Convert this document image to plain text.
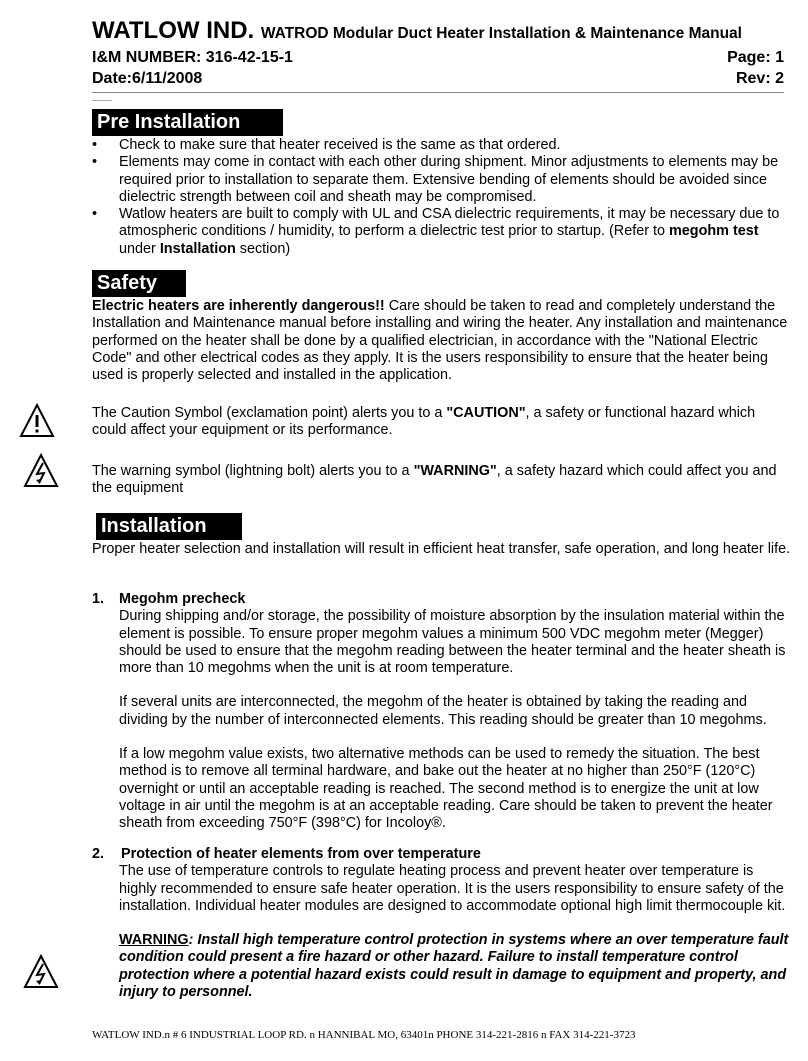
WATLOW IND. WATROD Modular Duct Heater Installation & Maintenance Manual
I&M NUMBER: 316-42-15-1	Page: 1
Date:6/11/2008	Rev: 2
Pre Installation
• Check to make sure that heater received is the same as that ordered.
• Elements may come in contact with each other during shipment. Minor adjustments to elements may be required prior to installation to separate them. Extensive bending of elements should be avoided since dielectric strength between coil and sheath may be compromised.
• Watlow heaters are built to comply with UL and CSA dielectric requirements, it may be necessary due to atmospheric conditions / humidity, to perform a dielectric test prior to startup. (Refer to megohm test under Installation section)
Safety
Electric heaters are inherently dangerous!! Care should be taken to read and completely understand the Installation and Maintenance manual before installing and wiring the heater. Any installation and maintenance performed on the heater shall be done by a qualified electrician, in accordance with the "National Electric Code" and other electrical codes as they apply. It is the users responsibility to ensure that the heater being used is properly selected and installed in the application.
The Caution Symbol (exclamation point) alerts you to a "CAUTION", a safety or functional hazard which could affect your equipment or its performance.
The warning symbol (lightning bolt) alerts you to a "WARNING", a safety hazard which could affect you and the equipment
Installation
Proper heater selection and installation will result in efficient heat transfer, safe operation, and long heater life.
1. Megohm precheck
During shipping and/or storage, the possibility of moisture absorption by the insulation material within the element is possible. To ensure proper megohm values a minimum 500 VDC megohm meter (Megger) should be used to ensure that the megohm reading between the heater terminal and the heater sheath is more than 10 megohms when the unit is at room temperature.
If several units are interconnected, the megohm of the heater is obtained by taking the reading and dividing by the number of interconnected elements. This reading should be greater than 10 megohms.
If a low megohm value exists, two alternative methods can be used to remedy the situation. The best method is to remove all terminal hardware, and bake out the heater at no higher than 250°F (120°C) overnight or until an acceptable reading is reached. The second method is to energize the unit at low voltage in air until the megohm is at an acceptable reading. Care should be taken to prevent the heater sheath from exceeding 750°F (398°C) for Incoloy®.
2. Protection of heater elements from over temperature
The use of temperature controls to regulate heating process and prevent heater over temperature is highly recommended to ensure safe heater operation. It is the users responsibility to ensure safety of the installation. Individual heater modules are designed to accommodate optional high limit thermocouple kit.
WARNING: Install high temperature control protection in systems where an over temperature fault condition could present a fire hazard or other hazard. Failure to install temperature control protection where a potential hazard exists could result in damage to equipment and property, and injury to personnel.
WATLOW IND.n # 6 INDUSTRIAL LOOP RD. n HANNIBAL MO, 63401n PHONE 314-221-2816 n FAX 314-221-3723
